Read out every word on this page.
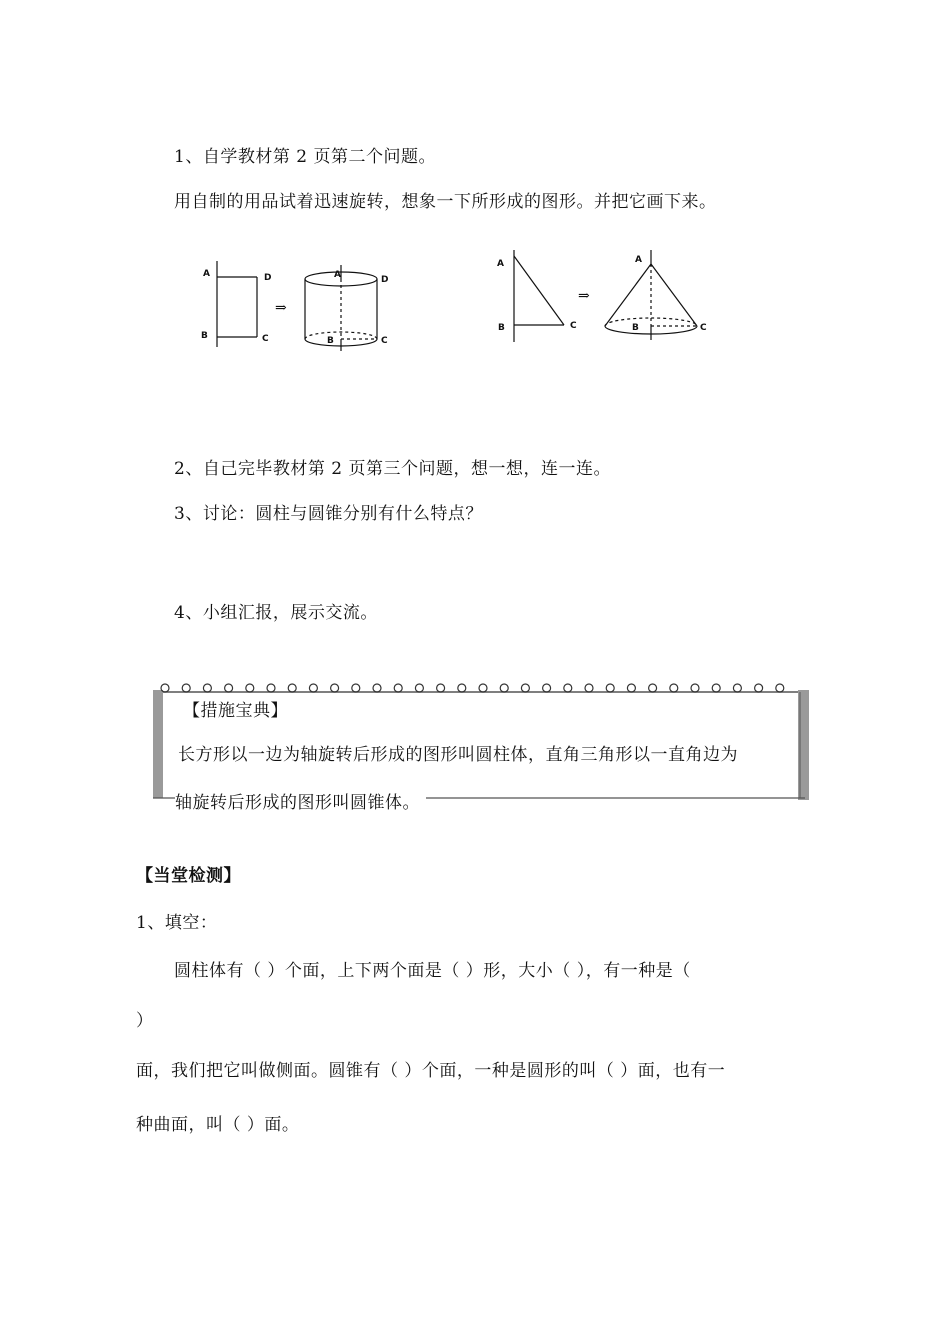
1、自学教材第 2 页第二个问题。
用自制的用品试着迅速旋转，想象一下所形成的图形。并把它画下来。
A	D
B	C
⇒
A	D
B	C
A
B	C
⇒
A
B	C
2、自己完毕教材第 2 页第三个问题，想一想，连一连。
3、讨论：圆柱与圆锥分别有什么特点？
4、小组汇报，展示交流。
【措施宝典】
长方形以一边为轴旋转后形成的图形叫圆柱体，直角三角形以一直角边为
轴旋转后形成的图形叫圆锥体。
【当堂检测】
1、填空：
圆柱体有（ ）个面，上下两个面是（ ）形，大小（ ），有一种是（
）
面，我们把它叫做侧面。圆锥有（ ）个面，一种是圆形的叫（ ）面，也有一
种曲面，叫（ ）面。
